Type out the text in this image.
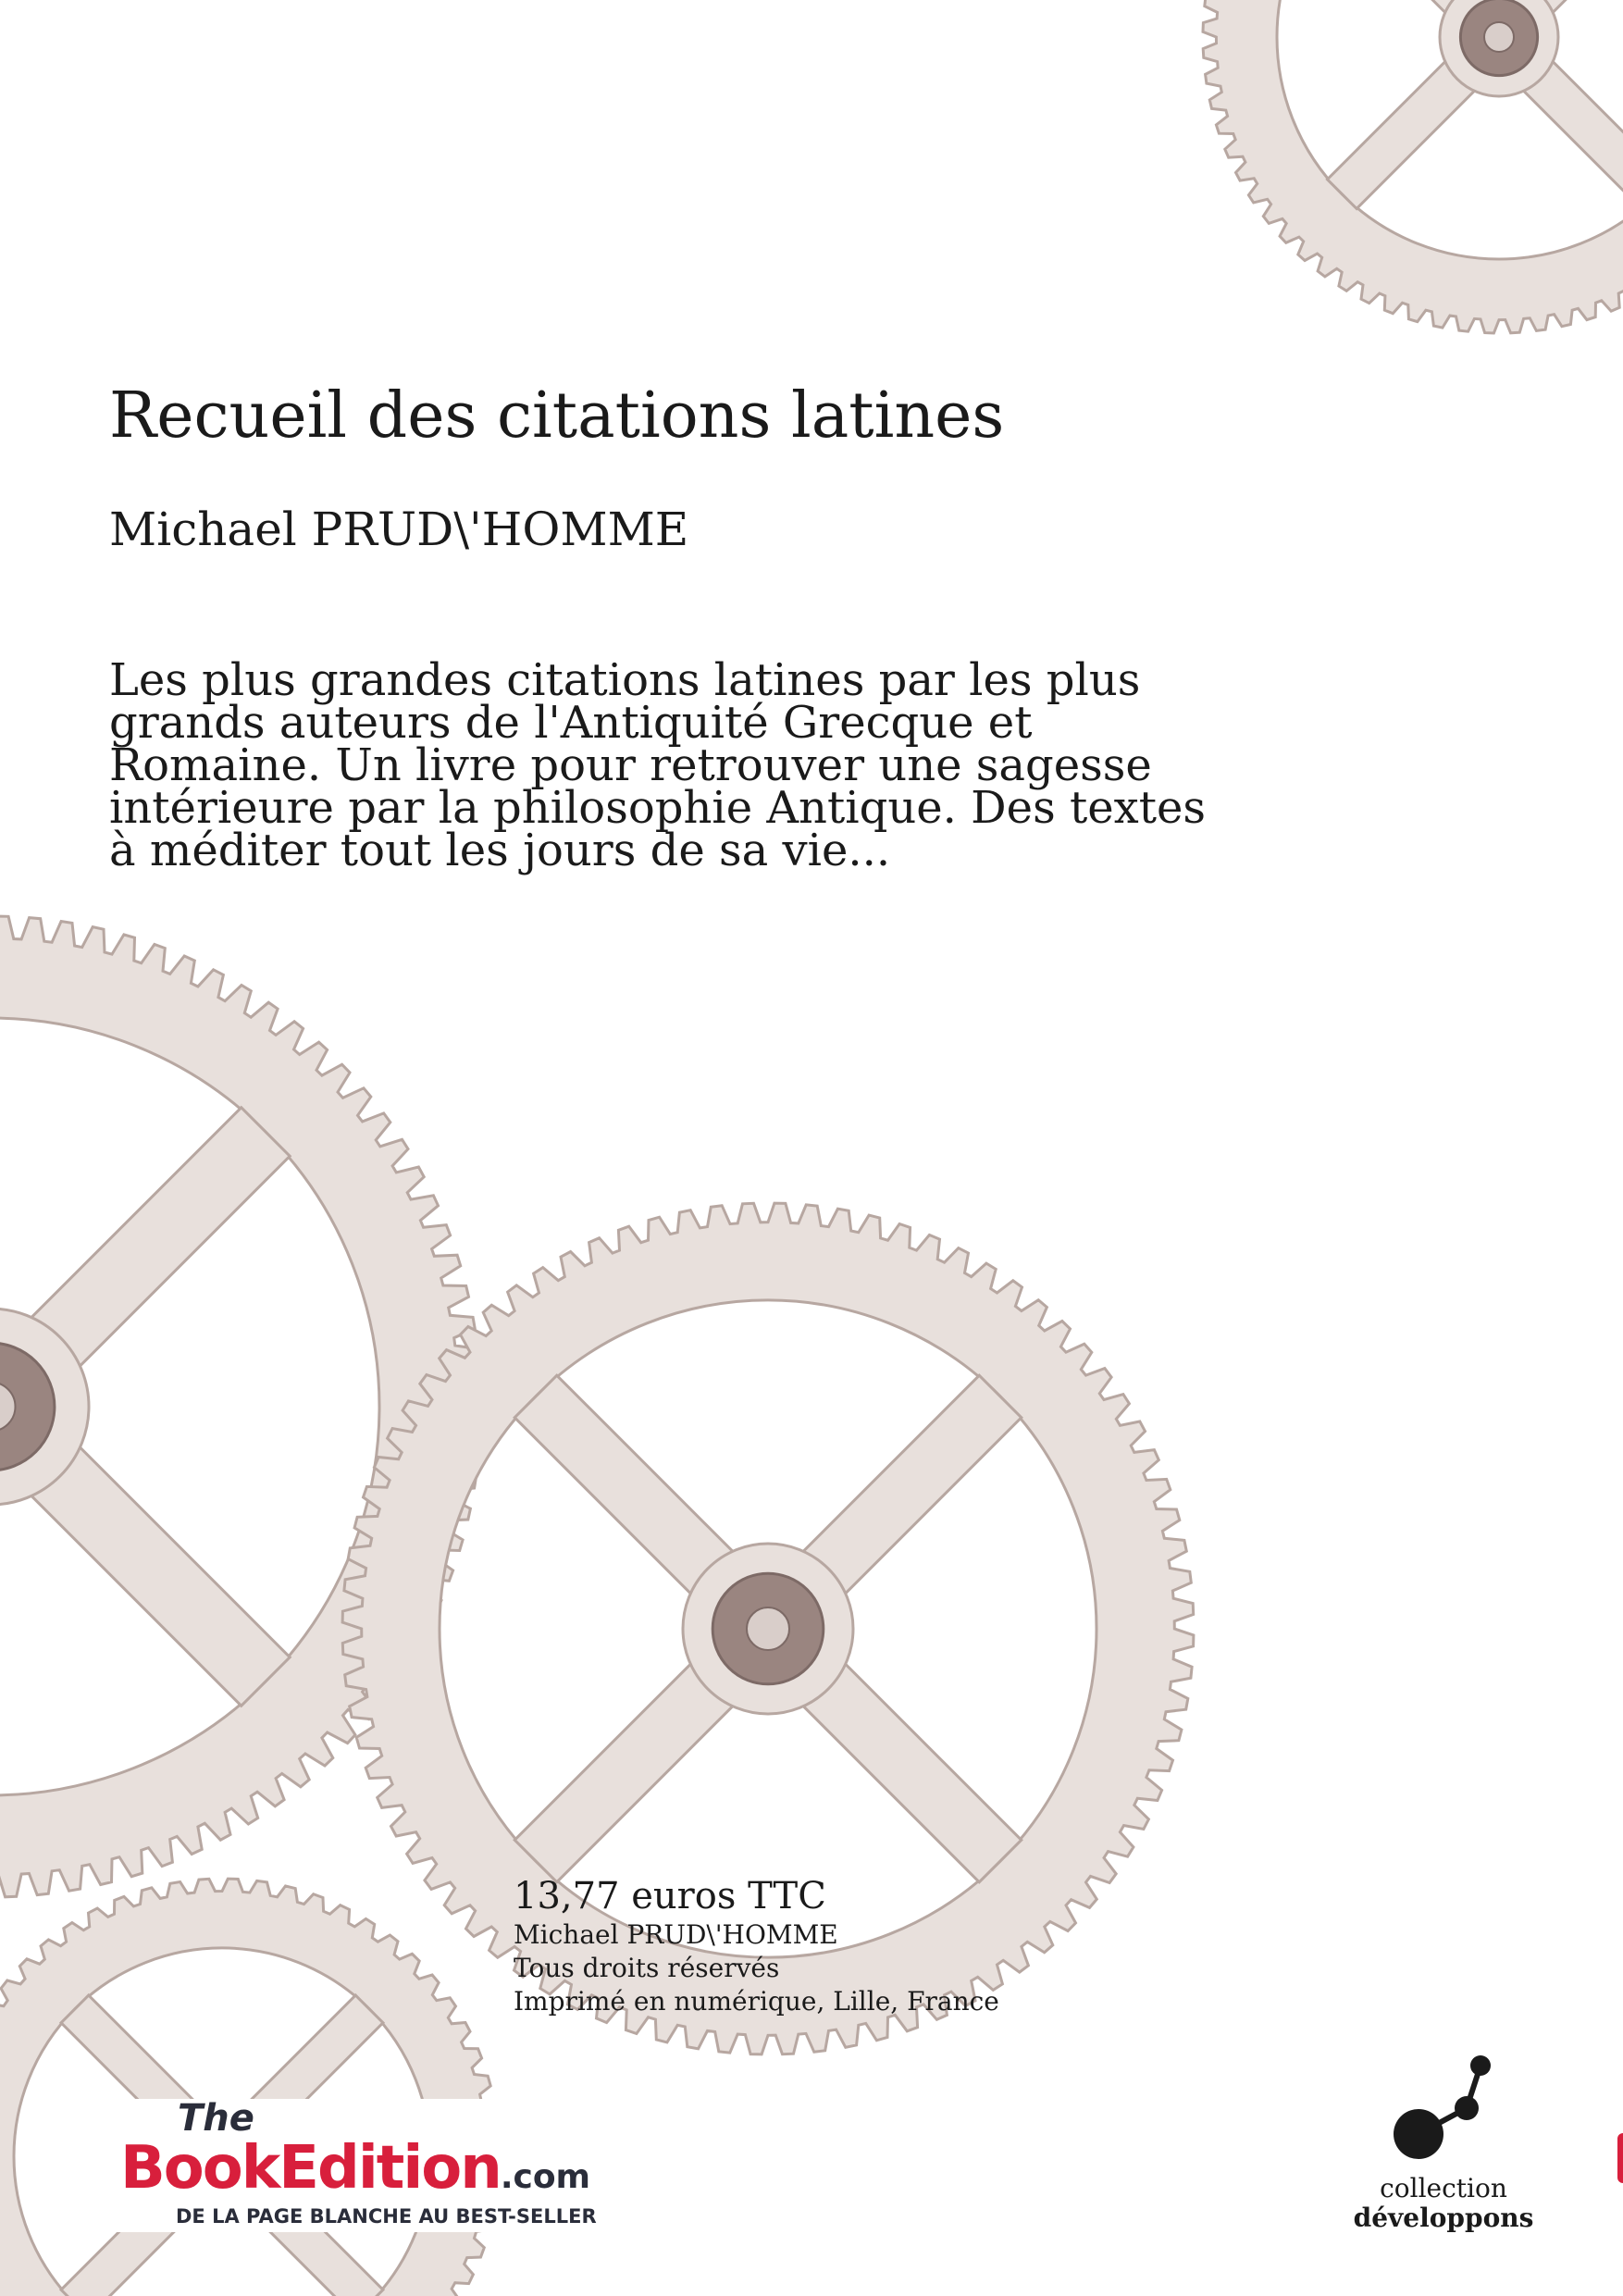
Recueil des citations latines
Michael PRUD\'HOMME

Les plus grandes citations latines par les plus grands auteurs de l'Antiquité Grecque et Romaine. Un livre pour retrouver une sagesse intérieure par la philosophie Antique. Des textes à méditer tout les jours de sa vie...

13,77 euros TTC
Michael PRUD\'HOMME
Tous droits réservés
Imprimé en numérique, Lille, France
The
BookEdition.com
DE LA PAGE BLANCHE AU BEST-SELLER
collection
développons
